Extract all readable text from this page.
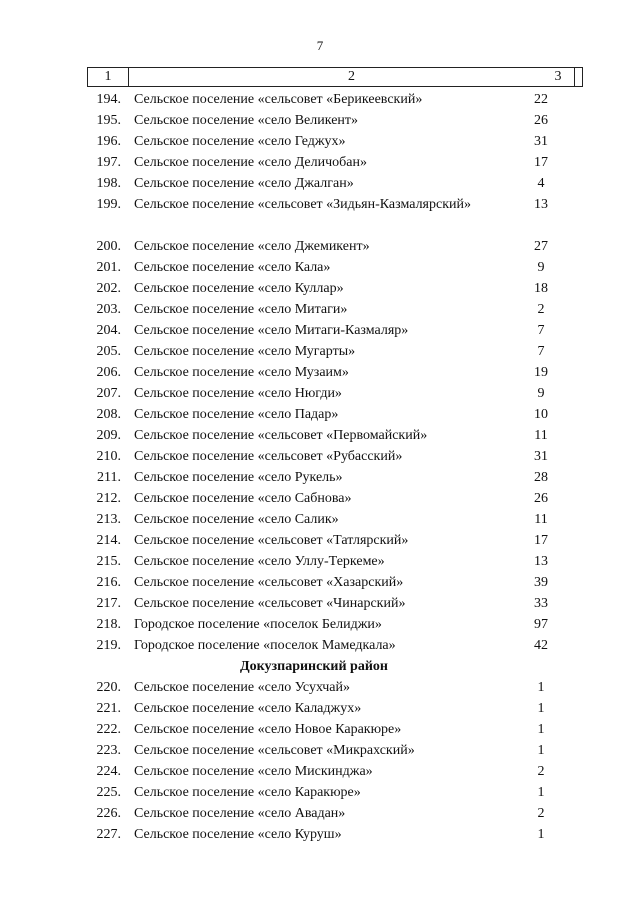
7
1	2	3
194. Сельское поселение «сельсовет «Берикеевский»	22
195. Сельское поселение «село Великент»	26
196. Сельское поселение «село Геджух»	31
197. Сельское поселение «село Деличобан»	17
198. Сельское поселение «село Джалган»	4
199. Сельское поселение «сельсовет «Зидьян-Казмалярский»	13
200. Сельское поселение «село Джемикент»	27
201. Сельское поселение «село Кала»	9
202. Сельское поселение «село Куллар»	18
203. Сельское поселение «село Митаги»	2
204. Сельское поселение «село Митаги-Казмаляр»	7
205. Сельское поселение «село Мугарты»	7
206. Сельское поселение «село Музаим»	19
207. Сельское поселение «село Нюгди»	9
208. Сельское поселение «село Падар»	10
209. Сельское поселение «сельсовет «Первомайский»	11
210. Сельское поселение «сельсовет «Рубасский»	31
211. Сельское поселение «село Рукель»	28
212. Сельское поселение «село Сабнова»	26
213. Сельское поселение «село Салик»	11
214. Сельское поселение «сельсовет «Татлярский»	17
215. Сельское поселение «село Уллу-Теркеме»	13
216. Сельское поселение «сельсовет «Хазарский»	39
217. Сельское поселение «сельсовет «Чинарский»	33
218. Городское поселение «поселок Белиджи»	97
219. Городское поселение «поселок Мамедкала»	42
Докузпаринский район
220. Сельское поселение «село Усухчай»	1
221. Сельское поселение «село Каладжух»	1
222. Сельское поселение «село Новое Каракюре»	1
223. Сельское поселение «сельсовет «Микрахский»	1
224. Сельское поселение «село Мискинджа»	2
225. Сельское поселение «село Каракюре»	1
226. Сельское поселение «село Авадан»	2
227. Сельское поселение «село Куруш»	1
